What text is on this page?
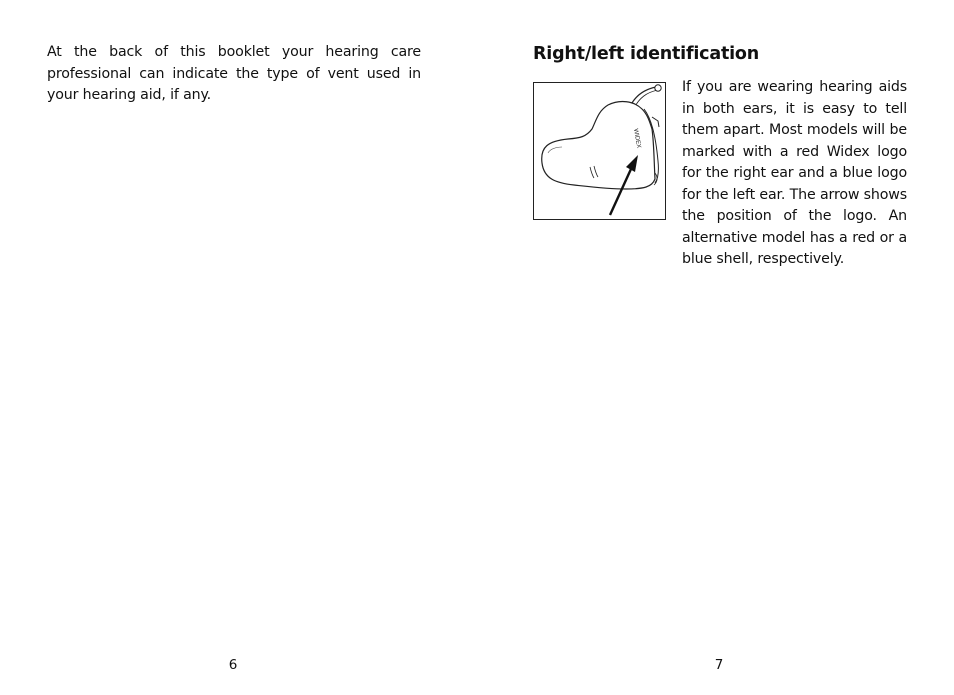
At the back of this booklet your hearing care professional can indicate the type of vent used in your hearing aid, if any.

6
Right/left identification
WIDEX

If you are wearing hearing aids in both ears, it is easy to tell them apart. Most models will be marked with a red Widex logo for the right ear and a blue logo for the left ear. The arrow shows the position of the logo. An alternative model has a red or a blue shell, respectively.

7
